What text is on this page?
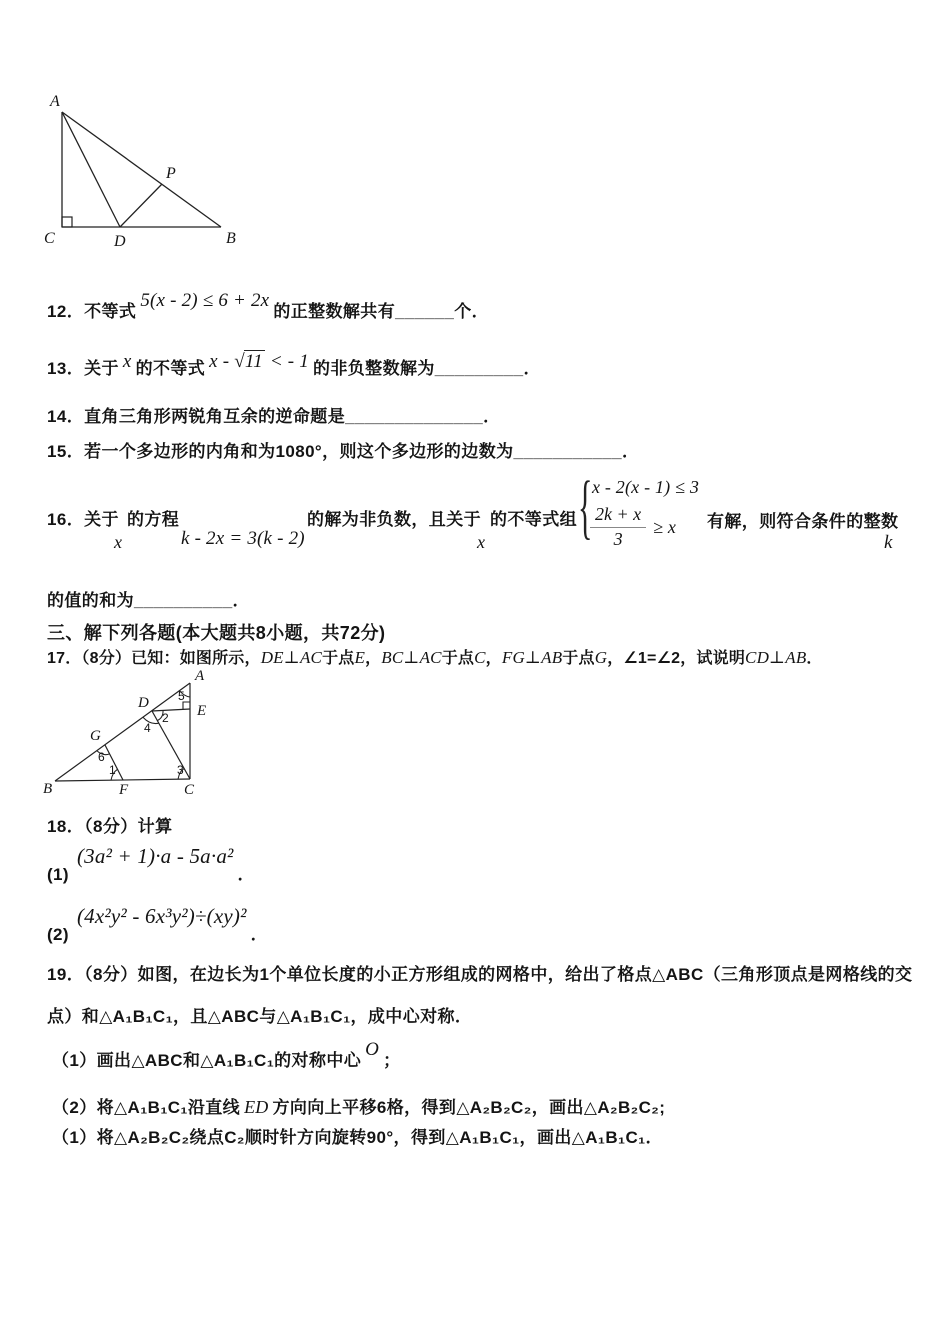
A
C	D	B
P
12．不等式 5(x - 2) ≤ 6 + 2x 的正整数解共有______个．
13．关于 x 的不等式 x - √11 < - 1 的非负整数解为_________．
14．直角三角形两锐角互余的逆命题是______________．
15．若一个多边形的内角和为1080°，则这个多边形的边数为___________．
16．关于
x
的方程
k - 2x = 3(k - 2)
的解为非负数，且关于
x
的不等式组 { x - 2(x - 1) ≤ 3
$\frac{2k + x}{3} \ge x$ 有解，则符合条件的整数
k
的值的和为__________．
三、解下列各题(本大题共8小题，共72分)
17．（8分）已知：如图所示，DE⊥AC于点E，BC⊥AC于点C，FG⊥AB于点G，∠1=∠2，试说明CD⊥AB．
A
B	C
D	E
F
G
5
2
4
6
1	3
18．（8分）计算
(1) (3a² + 1)·a - 5a·a² ．
(2) (4x²y² - 6x³y²)÷(xy)² ．
19．（8分）如图，在边长为1个单位长度的小正方形组成的网格中，给出了格点△ABC（三角形顶点是网格线的交
点）和△A₁B₁C₁，且△ABC与△A₁B₁C₁，成中心对称．
（1）画出△ABC和△A₁B₁C₁的对称中心 O ；
（2）将△A₁B₁C₁沿直线 ED 方向向上平移6格，得到△A₂B₂C₂，画出△A₂B₂C₂;
（1）将△A₂B₂C₂绕点C₂顺时针方向旋转90°，得到△A₁B₁C₁，画出△A₁B₁C₁．
